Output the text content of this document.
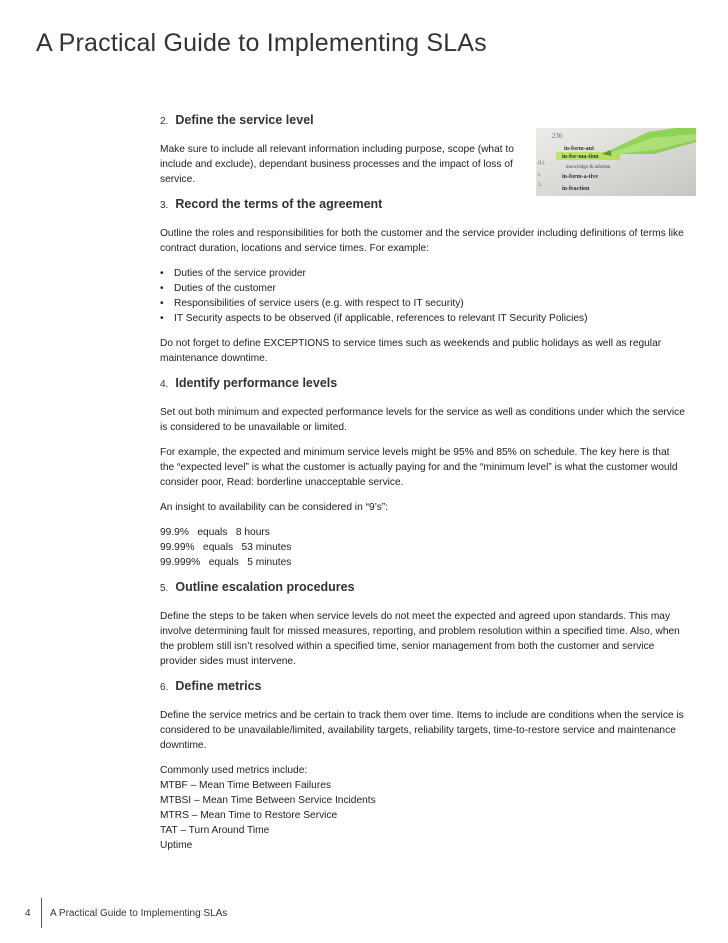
A Practical Guide to Implementing SLAs
2. Define the service level
Make sure to include all relevant information including purpose, scope (what to include and exclude), dependant business processes and the impact of loss of service.
3. Record the terms of the agreement
Outline the roles and responsibilities for both the customer and the service provider including definitions of terms like contract duration, locations and service times. For example:
•	Duties of the service provider
•	Duties of the customer
•	Responsibilities of service users (e.g. with respect to IT security)
•	IT Security aspects to be observed (if applicable, references to relevant IT Security Policies)
Do not forget to define EXCEPTIONS to service times such as weekends and public holidays as well as regular maintenance downtime.
4. Identify performance levels
Set out both minimum and expected performance levels for the service as well as conditions under which the service is considered to be unavailable or limited.
For example, the expected and minimum service levels might be 95% and 85% on schedule. The key here is that the “expected level” is what the customer is actually paying for and the “minimum level” is what the customer would consider poor, Read: borderline unacceptable service.
An insight to availability can be considered in “9’s”:
99.9%   equals   8 hours
99.99%   equals   53 minutes
99.999%   equals   5 minutes
5. Outline escalation procedures
Define the steps to be taken when service levels do not meet the expected and agreed upon standards. This may involve determining fault for missed measures, reporting, and problem resolution within a specified time. Also, when the problem still isn’t resolved within a specified time, senior management from both the customer and service provider sides must intervene.
6. Define metrics
Define the service metrics and be certain to track them over time. Items to include are conditions when the service is considered to be unavailable/limited, availability targets, reliability targets, time-to-restore service and maintenance downtime.
Commonly used metrics include:
MTBF – Mean Time Between Failures
MTBSI – Mean Time Between Service Incidents
MTRS – Mean Time to Restore Service
TAT – Turn Around Time
Uptime
4	A Practical Guide to Implementing SLAs
